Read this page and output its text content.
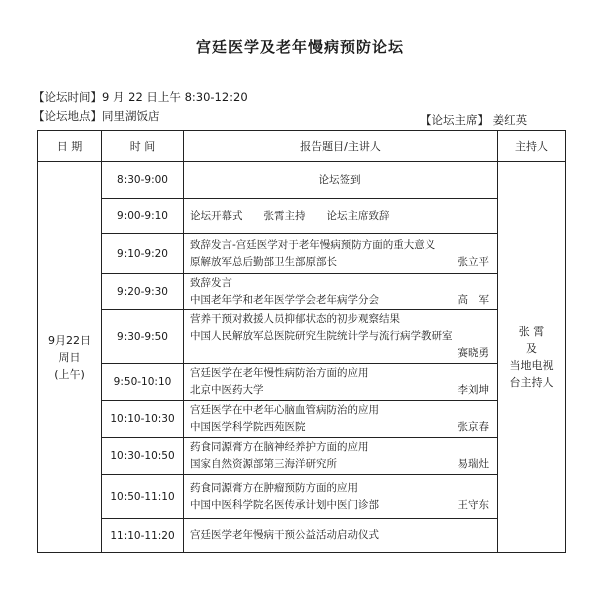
宫廷医学及老年慢病预防论坛
【论坛时间】9 月 22 日上午 8:30-12:20
【论坛地点】同里湖饭店	【论坛主席】 姜红英
日 期	时 间	报告题目/主讲人	主持人

9月22日
周日
(上午)	8:30-9:00	论坛签到	张 霄
及
当地电视
台主持人

	9:00-9:10	论坛开幕式　　张霄主持　　论坛主席致辞	

	9:10-9:20	致辞发言-宫廷医学对于老年慢病预防方面的重大意义
原解放军总后勤部卫生部原部长 张立平	

	9:20-9:30	致辞发言
中国老年学和老年医学学会老年病学分会 高　军	

	9:30-9:50	营养干预对救援人员抑郁状态的初步观察结果
中国人民解放军总医院研究生院统计学与流行病学教研室
赛晓勇	

	9:50-10:10	宫廷医学在老年慢性病防治方面的应用
北京中医药大学 李刘坤	

	10:10-10:30	宫廷医学在中老年心脑血管病防治的应用
中国医学科学院西苑医院 张京春	

	10:30-10:50	药食同源膏方在脑神经养护方面的应用
国家自然资源部第三海洋研究所 易瑞灶	

	10:50-11:10	药食同源膏方在肿瘤预防方面的应用
中国中医科学院名医传承计划中医门诊部 王守东	

	11:10-11:20	宫廷医学老年慢病干预公益活动启动仪式	
